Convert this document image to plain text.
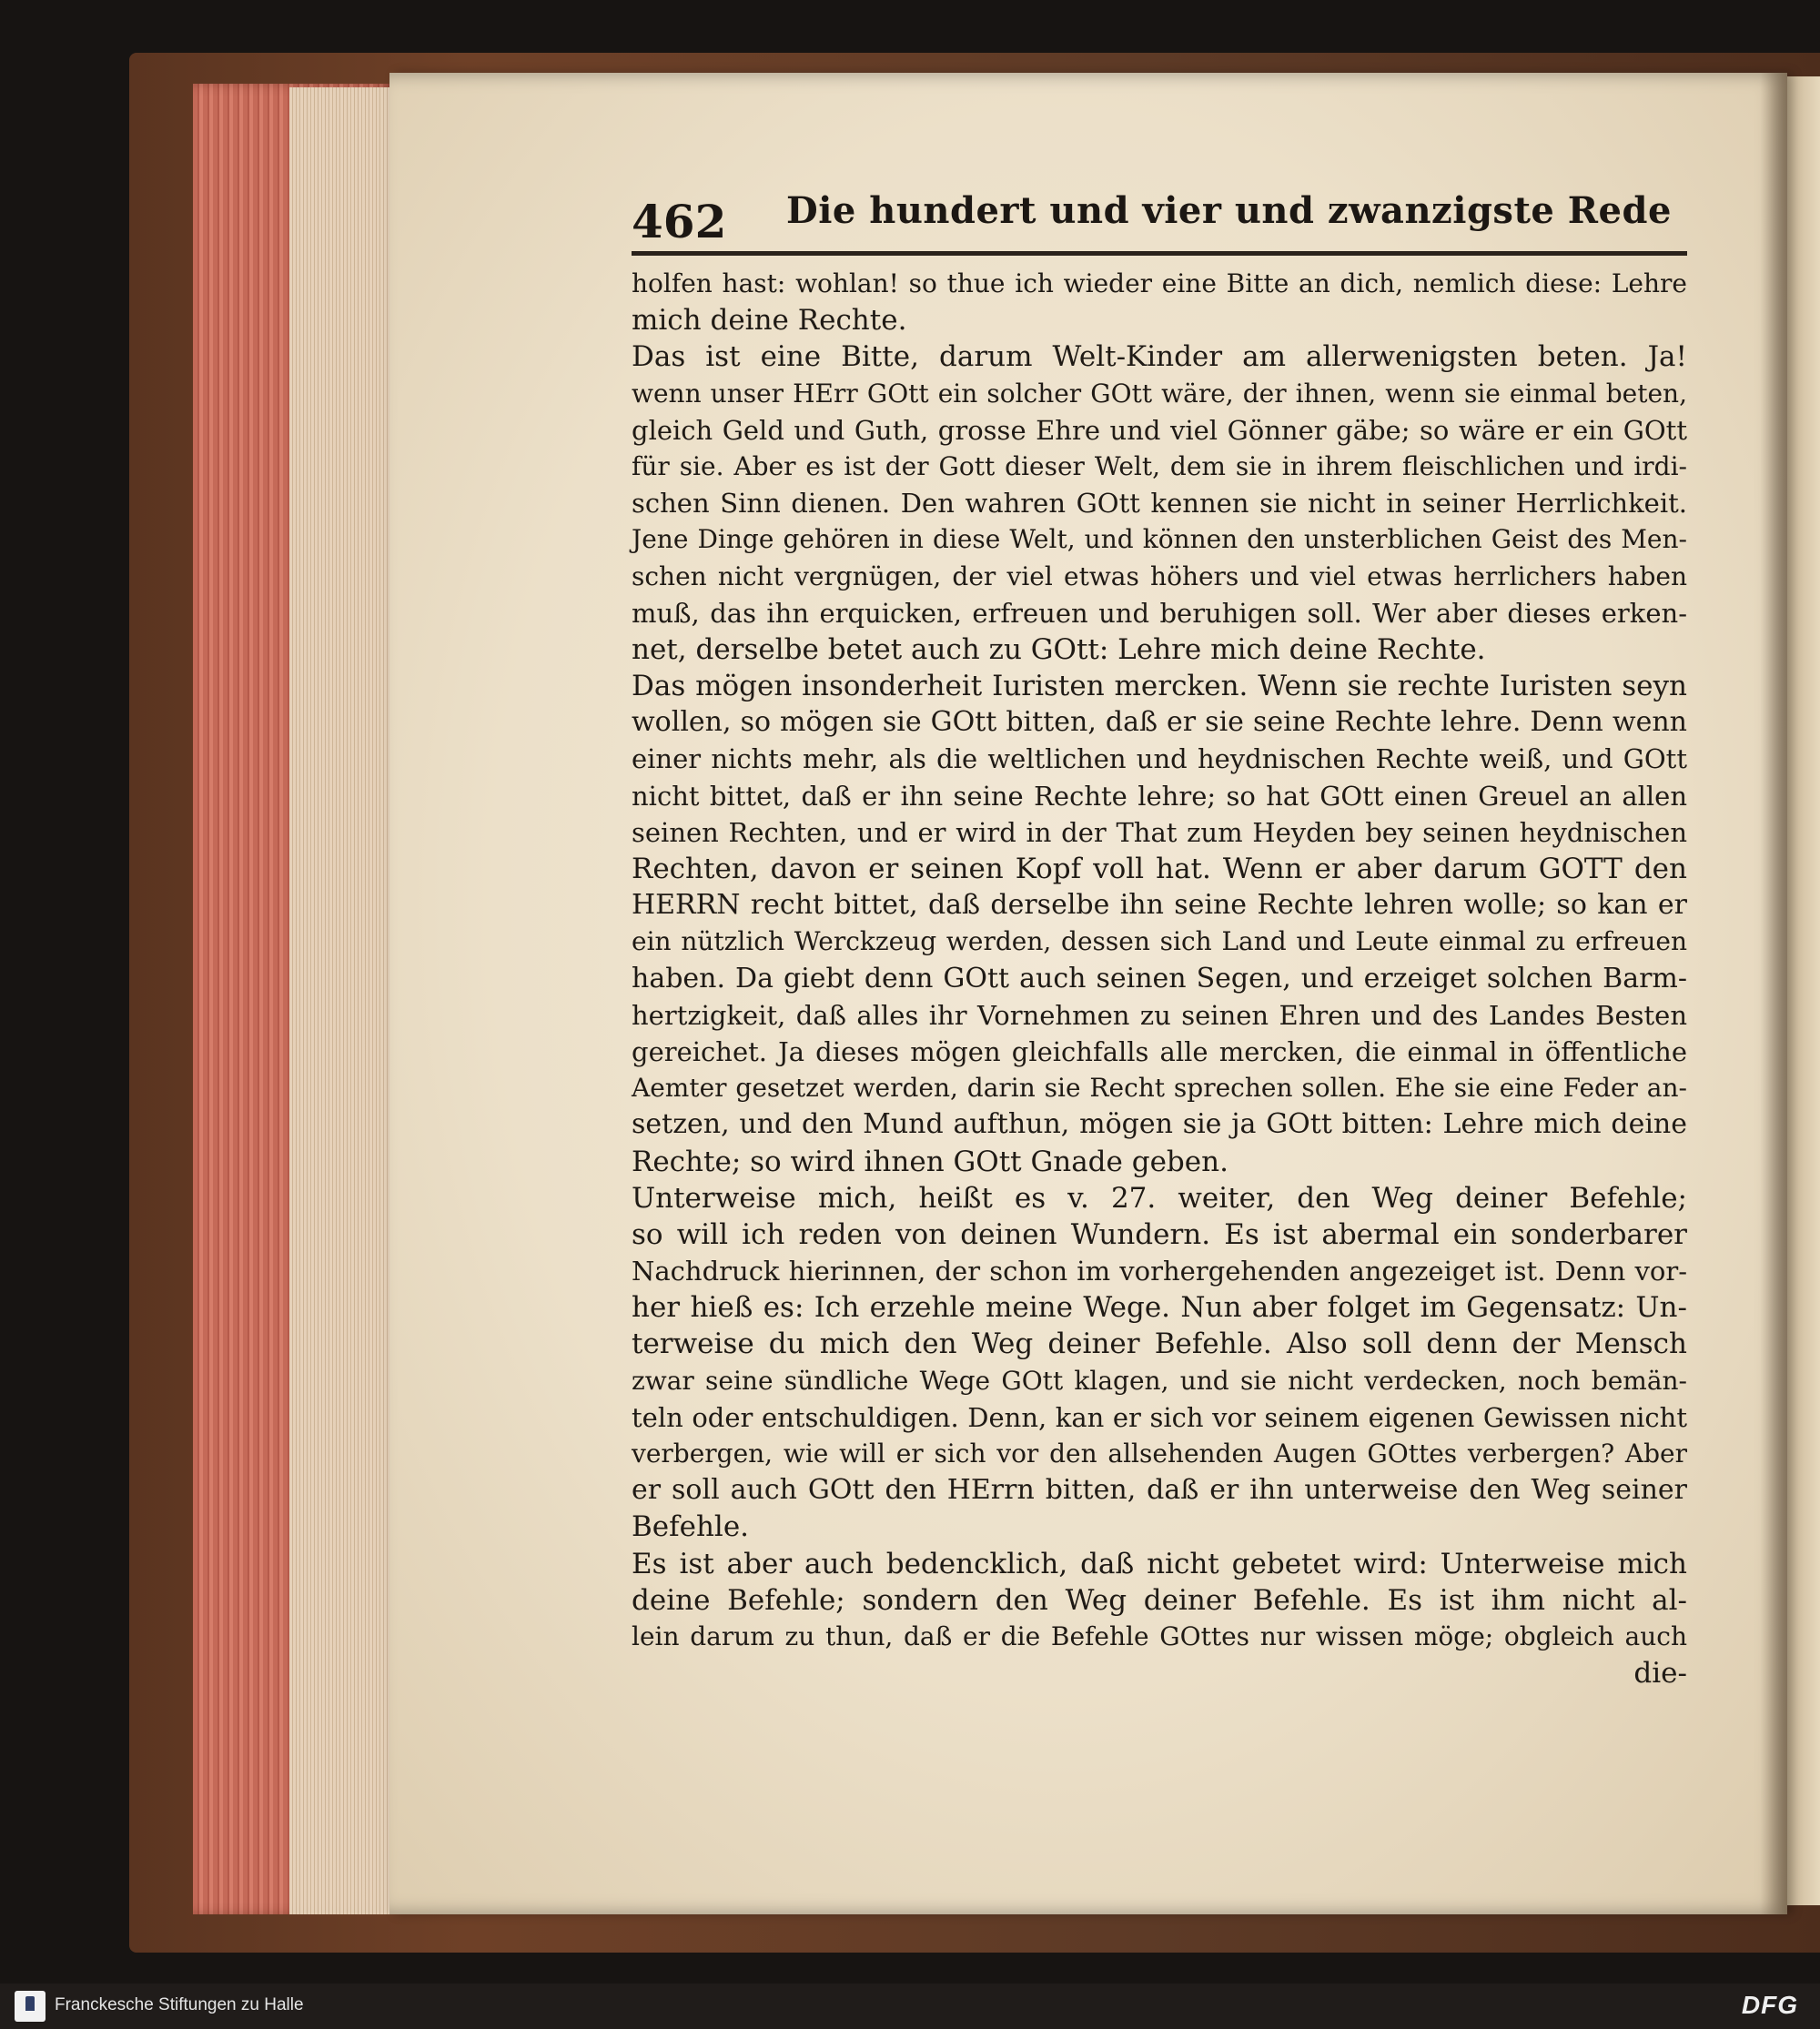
462 Die hundert und vier und zwanzigste Rede
holfen hast: wohlan! so thue ich wieder eine Bitte an dich, nemlich diese: Lehre
mich deine Rechte.
Das ist eine Bitte, darum Welt-Kinder am allerwenigsten beten. Ja!
wenn unser HErr GOtt ein solcher GOtt wäre, der ihnen, wenn sie einmal beten,
gleich Geld und Guth, grosse Ehre und viel Gönner gäbe; so wäre er ein GOtt
für sie. Aber es ist der Gott dieser Welt, dem sie in ihrem fleischlichen und irdi-
schen Sinn dienen. Den wahren GOtt kennen sie nicht in seiner Herrlichkeit.
Jene Dinge gehören in diese Welt, und können den unsterblichen Geist des Men-
schen nicht vergnügen, der viel etwas höhers und viel etwas herrlichers haben
muß, das ihn erquicken, erfreuen und beruhigen soll. Wer aber dieses erken-
net, derselbe betet auch zu GOtt: Lehre mich deine Rechte.
Das mögen insonderheit Iuristen mercken. Wenn sie rechte Iuristen seyn
wollen, so mögen sie GOtt bitten, daß er sie seine Rechte lehre. Denn wenn
einer nichts mehr, als die weltlichen und heydnischen Rechte weiß, und GOtt
nicht bittet, daß er ihn seine Rechte lehre; so hat GOtt einen Greuel an allen
seinen Rechten, und er wird in der That zum Heyden bey seinen heydnischen
Rechten, davon er seinen Kopf voll hat. Wenn er aber darum GOTT den
HERRN recht bittet, daß derselbe ihn seine Rechte lehren wolle; so kan er
ein nützlich Werckzeug werden, dessen sich Land und Leute einmal zu erfreuen
haben. Da giebt denn GOtt auch seinen Segen, und erzeiget solchen Barm-
hertzigkeit, daß alles ihr Vornehmen zu seinen Ehren und des Landes Besten
gereichet. Ja dieses mögen gleichfalls alle mercken, die einmal in öffentliche
Aemter gesetzet werden, darin sie Recht sprechen sollen. Ehe sie eine Feder an-
setzen, und den Mund aufthun, mögen sie ja GOtt bitten: Lehre mich deine
Rechte; so wird ihnen GOtt Gnade geben.
Unterweise mich, heißt es v. 27. weiter, den Weg deiner Befehle;
so will ich reden von deinen Wundern. Es ist abermal ein sonderbarer
Nachdruck hierinnen, der schon im vorhergehenden angezeiget ist. Denn vor-
her hieß es: Ich erzehle meine Wege. Nun aber folget im Gegensatz: Un-
terweise du mich den Weg deiner Befehle. Also soll denn der Mensch
zwar seine sündliche Wege GOtt klagen, und sie nicht verdecken, noch bemän-
teln oder entschuldigen. Denn, kan er sich vor seinem eigenen Gewissen nicht
verbergen, wie will er sich vor den allsehenden Augen GOttes verbergen? Aber
er soll auch GOtt den HErrn bitten, daß er ihn unterweise den Weg seiner
Befehle.
Es ist aber auch bedencklich, daß nicht gebetet wird: Unterweise mich
deine Befehle; sondern den Weg deiner Befehle. Es ist ihm nicht al-
lein darum zu thun, daß er die Befehle GOttes nur wissen möge; obgleich auch
die-
Franckesche Stiftungen zu Halle	DFG
